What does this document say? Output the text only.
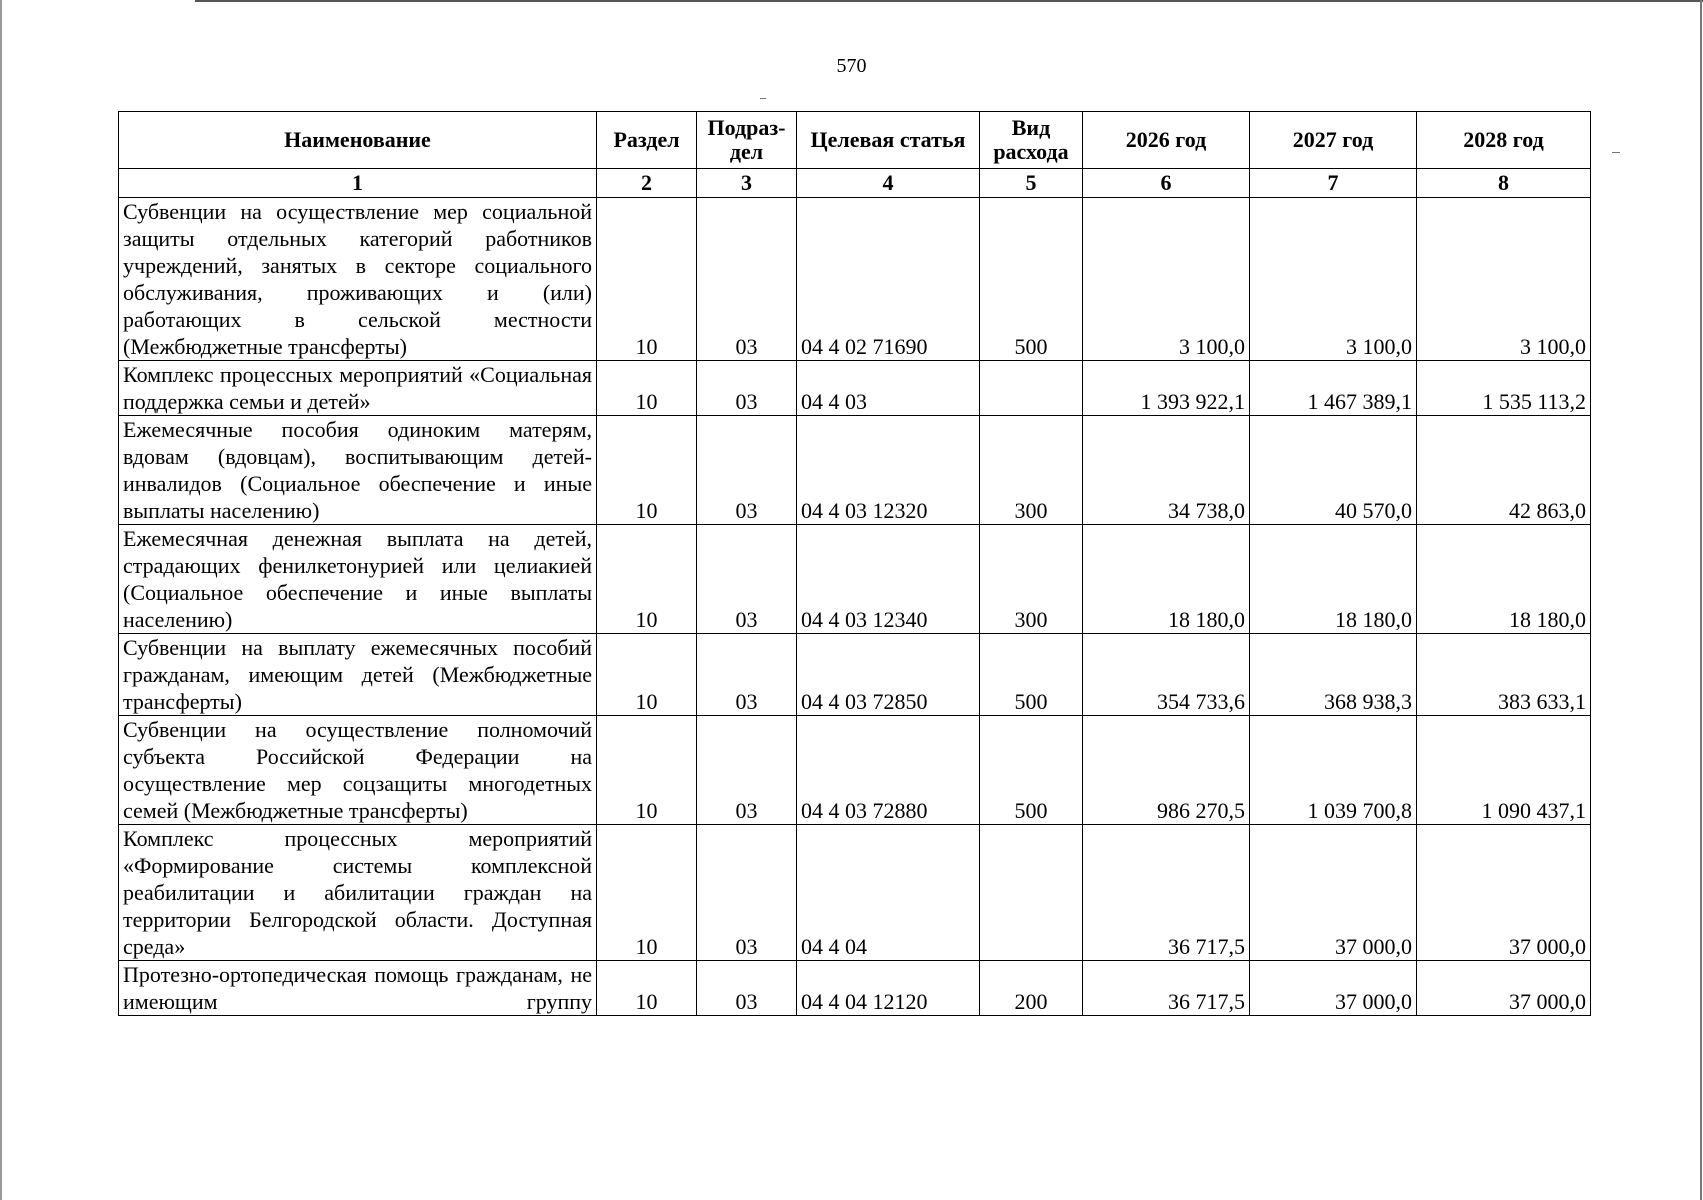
570
Наименование	Раздел	Подраз-дел	Целевая статья	Вид расхода	2026 год	2027 год	2028 год
1	2	3	4	5	6	7	8
Субвенции на осуществление мер социальной защиты отдельных категорий работников учреждений, занятых в секторе социального обслуживания, проживающих и (или) работающих в сельской местности (Межбюджетные трансферты)	10	03	04 4 02 71690	500	3 100,0	3 100,0	3 100,0
Комплекс процессных мероприятий «Социальная поддержка семьи и детей»	10	03	04 4 03		1 393 922,1	1 467 389,1	1 535 113,2
Ежемесячные пособия одиноким матерям, вдовам (вдовцам), воспитывающим детей-инвалидов (Социальное обеспечение и иные выплаты населению)	10	03	04 4 03 12320	300	34 738,0	40 570,0	42 863,0
Ежемесячная денежная выплата на детей, страдающих фенилкетонурией или целиакией (Социальное обеспечение и иные выплаты населению)	10	03	04 4 03 12340	300	18 180,0	18 180,0	18 180,0
Субвенции на выплату ежемесячных пособий гражданам, имеющим детей (Межбюджетные трансферты)	10	03	04 4 03 72850	500	354 733,6	368 938,3	383 633,1
Субвенции на осуществление полномочий субъекта Российской Федерации на осуществление мер соцзащиты многодетных семей (Межбюджетные трансферты)	10	03	04 4 03 72880	500	986 270,5	1 039 700,8	1 090 437,1
Комплекс процессных мероприятий «Формирование системы комплексной реабилитации и абилитации граждан на территории Белгородской области. Доступная среда»	10	03	04 4 04		36 717,5	37 000,0	37 000,0
Протезно-ортопедическая помощь гражданам, не имеющим группу	10	03	04 4 04 12120	200	36 717,5	37 000,0	37 000,0
